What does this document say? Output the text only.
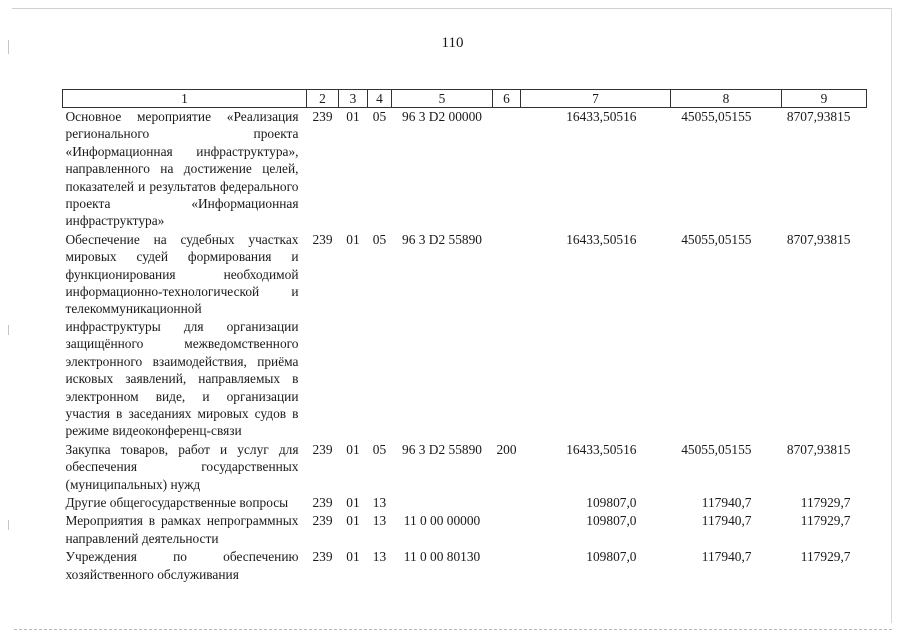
110
1	2	3	4	5	6	7	8	9
Основное мероприятие «Реализация регионального проекта «Информационная инфраструктура», направленного на достижение целей, показателей и результатов федерального проекта «Информационная инфраструктура»	239	01	05	96 3 D2 00000		16433,50516	45055,05155	8707,93815
Обеспечение на судебных участках мировых судей формирования и функционирования необходимой информационно-технологической и телекоммуникационной инфраструктуры для организации защищённого межведомственного электронного взаимодействия, приёма исковых заявлений, направляемых в электронном виде, и организации участия в заседаниях мировых судов в режиме видеоконференц-связи	239	01	05	96 3 D2 55890		16433,50516	45055,05155	8707,93815
Закупка товаров, работ и услуг для обеспечения государственных (муниципальных) нужд	239	01	05	96 3 D2 55890	200	16433,50516	45055,05155	8707,93815
Другие общегосударственные вопросы	239	01	13			109807,0	117940,7	117929,7
Мероприятия в рамках непрограммных направлений деятельности	239	01	13	11 0 00 00000		109807,0	117940,7	117929,7
Учреждения по обеспечению хозяйственного обслуживания	239	01	13	11 0 00 80130		109807,0	117940,7	117929,7
